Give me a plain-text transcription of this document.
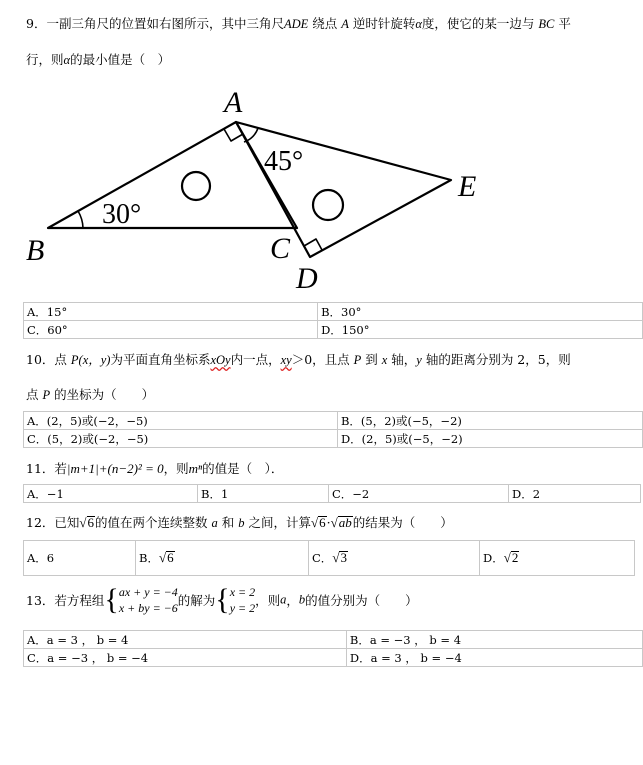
9．一副三角尺的位置如右图所示，其中三角尺ADE 绕点 A 逆时针旋转α度，使它的某一边与 BC 平
行，则α的最小值是（　）
A
B	C
D
E
30°
45°
A．15°	B．30°
C．60°	D．150°
10．点 P(x，y)为平面直角坐标系xOy内一点，xy＞0，且点 P 到 x 轴，y 轴的距离分别为 2，5，则
点 P 的坐标为（　　）
A．(2，5)或(−2，−5)	B．(5，2)或(−5，−2)
C．(5，2)或(−2，−5)	D．(2，5)或(−5，−2)
11．若|m+1|+(n−2)² = 0，则mⁿ的值是（　）．
A．−1	B．1	C．−2	D．2
12．已知√6的值在两个连续整数 a 和 b 之间，计算√6·√ab的结果为（　　）
A．6	B．√6	C．√3	D．√2
13．若方程组{ax + y = −4
x + by = −6的解为{x = 2
y = 2，则a，b的值分别为（　　）
A．a = 3 ， b = 4	B．a = −3 ， b = 4
C．a = −3 ， b = −4	D．a = 3 ， b = −4
